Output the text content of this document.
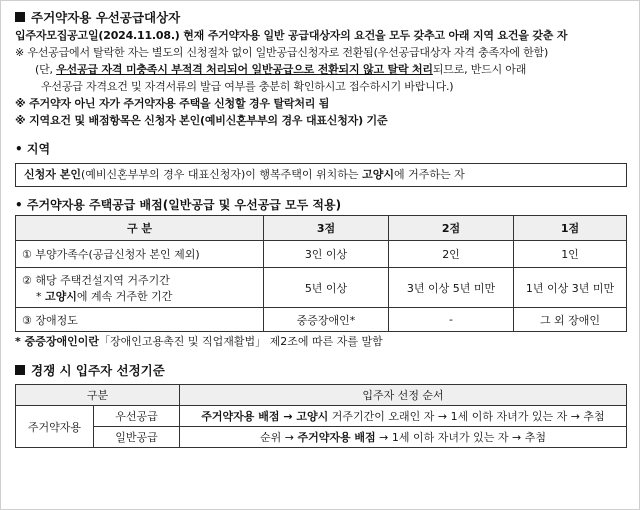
주거약자용 우선공급대상자
입주자모집공고일(2024.11.08.) 현재 주거약자용 일반 공급대상자의 요건을 모두 갖추고 아래 지역 요건을 갖춘 자
※ 우선공급에서 탈락한 자는 별도의 신청절차 없이 일반공급신청자로 전환됨(우선공급대상자 자격 충족자에 한함)
(단, 우선공급 자격 미충족시 부적격 처리되어 일반공급으로 전환되지 않고 탈락 처리되므로, 반드시 아래
우선공급 자격요건 및 자격서류의 발급 여부를 충분히 확인하시고 접수하시기 바랍니다.)
※ 주거약자 아닌 자가 주거약자용 주택을 신청할 경우 탈락처리 됨
※ 지역요건 및 배점항목은 신청자 본인(예비신혼부부의 경우 대표신청자) 기준
• 지역
신청자 본인(예비신혼부부의 경우 대표신청자)이 행복주택이 위치하는 고양시에 거주하는 자
• 주거약자용 주택공급 배점(일반공급 및 우선공급 모두 적용)
구 분	3점	2점	1점
① 부양가족수(공급신청자 본인 제외)	3인 이상	2인	1인

② 해당 주택건설지역 거주기간
* 고양시에 계속 거주한 기간	5년 이상	3년 이상 5년 미만	1년 이상 3년 미만
③ 장애정도	중증장애인*	-	그 외 장애인
* 중증장애인이란「장애인고용촉진 및 직업재활법」 제2조에 따른 자를 말함
경쟁 시 입주자 선정기준
구분		입주자 선정 순서
주거약자용	우선공급	주거약자용 배점 → 고양시 거주기간이 오래인 자 → 1세 이하 자녀가 있는 자 → 추첨
	일반공급	순위 → 주거약자용 배점 → 1세 이하 자녀가 있는 자 → 추첨
